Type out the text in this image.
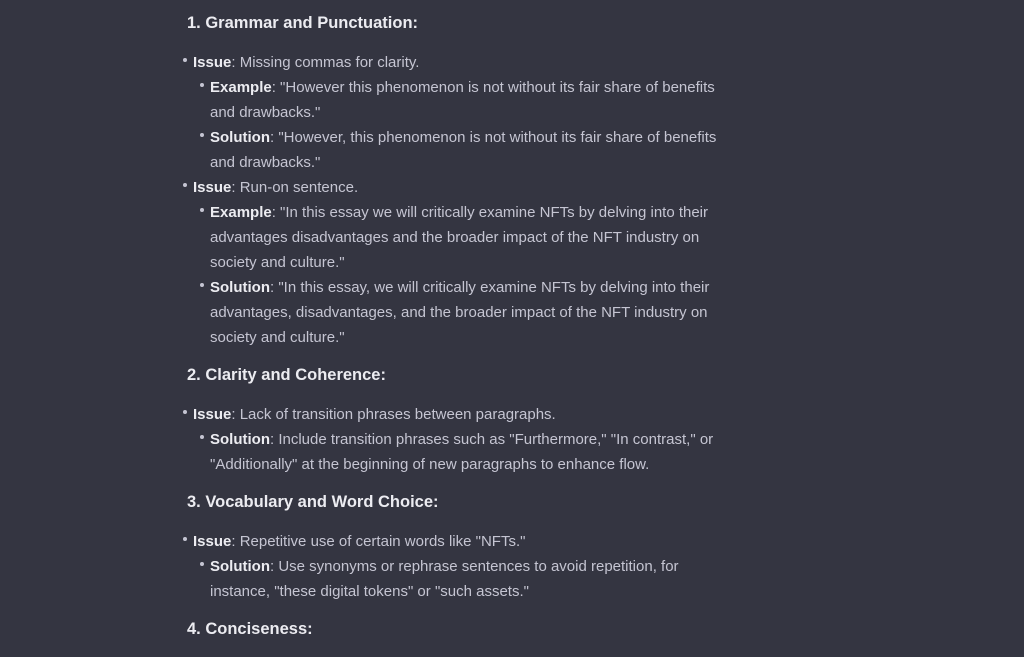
1. Grammar and Punctuation:
Issue: Missing commas for clarity.
Example: "However this phenomenon is not without its fair share of benefits and drawbacks."
Solution: "However, this phenomenon is not without its fair share of benefits and drawbacks."
Issue: Run-on sentence.
Example: "In this essay we will critically examine NFTs by delving into their advantages disadvantages and the broader impact of the NFT industry on society and culture."
Solution: "In this essay, we will critically examine NFTs by delving into their advantages, disadvantages, and the broader impact of the NFT industry on society and culture."
2. Clarity and Coherence:
Issue: Lack of transition phrases between paragraphs.
Solution: Include transition phrases such as "Furthermore," "In contrast," or "Additionally" at the beginning of new paragraphs to enhance flow.
3. Vocabulary and Word Choice:
Issue: Repetitive use of certain words like "NFTs."
Solution: Use synonyms or rephrase sentences to avoid repetition, for instance, "these digital tokens" or "such assets."
4. Conciseness:
